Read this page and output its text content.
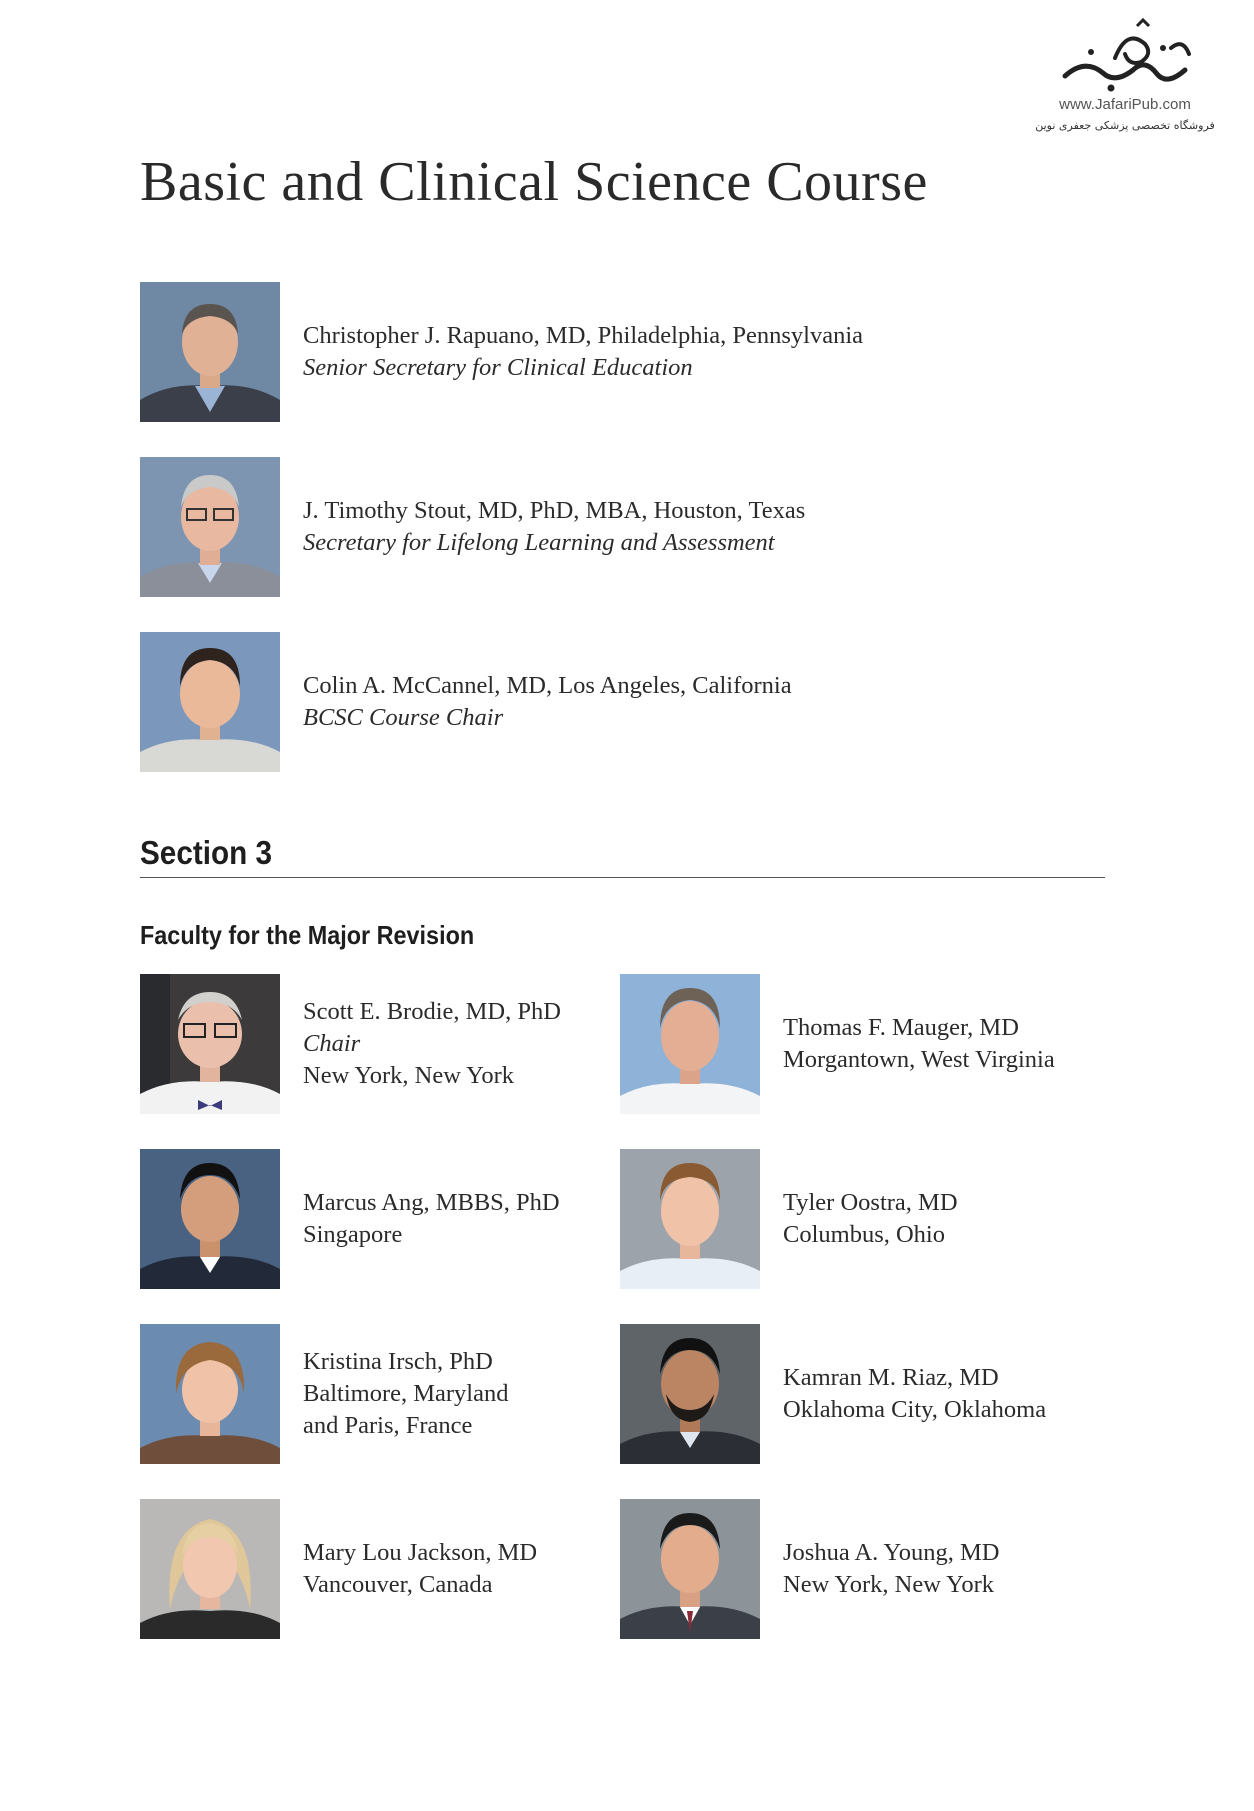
www.JafariPub.com
فروشگاه تخصصی پزشکی جعفری نوین
Basic and Clinical Science Course
Christopher J. Rapuano, MD, Philadelphia, Pennsylvania
Senior Secretary for Clinical Education
J. Timothy Stout, MD, PhD, MBA, Houston, Texas
Secretary for Lifelong Learning and Assessment
Colin A. McCannel, MD, Los Angeles, California
BCSC Course Chair
Section 3
Faculty for the Major Revision
Scott E. Brodie, MD, PhD
Chair
New York, New York
Thomas F. Mauger, MD
Morgantown, West Virginia
Marcus Ang, MBBS, PhD
Singapore
Tyler Oostra, MD
Columbus, Ohio
Kristina Irsch, PhD
Baltimore, Maryland
and Paris, France
Kamran M. Riaz, MD
Oklahoma City, Oklahoma
Mary Lou Jackson, MD
Vancouver, Canada
Joshua A. Young, MD
New York, New York
